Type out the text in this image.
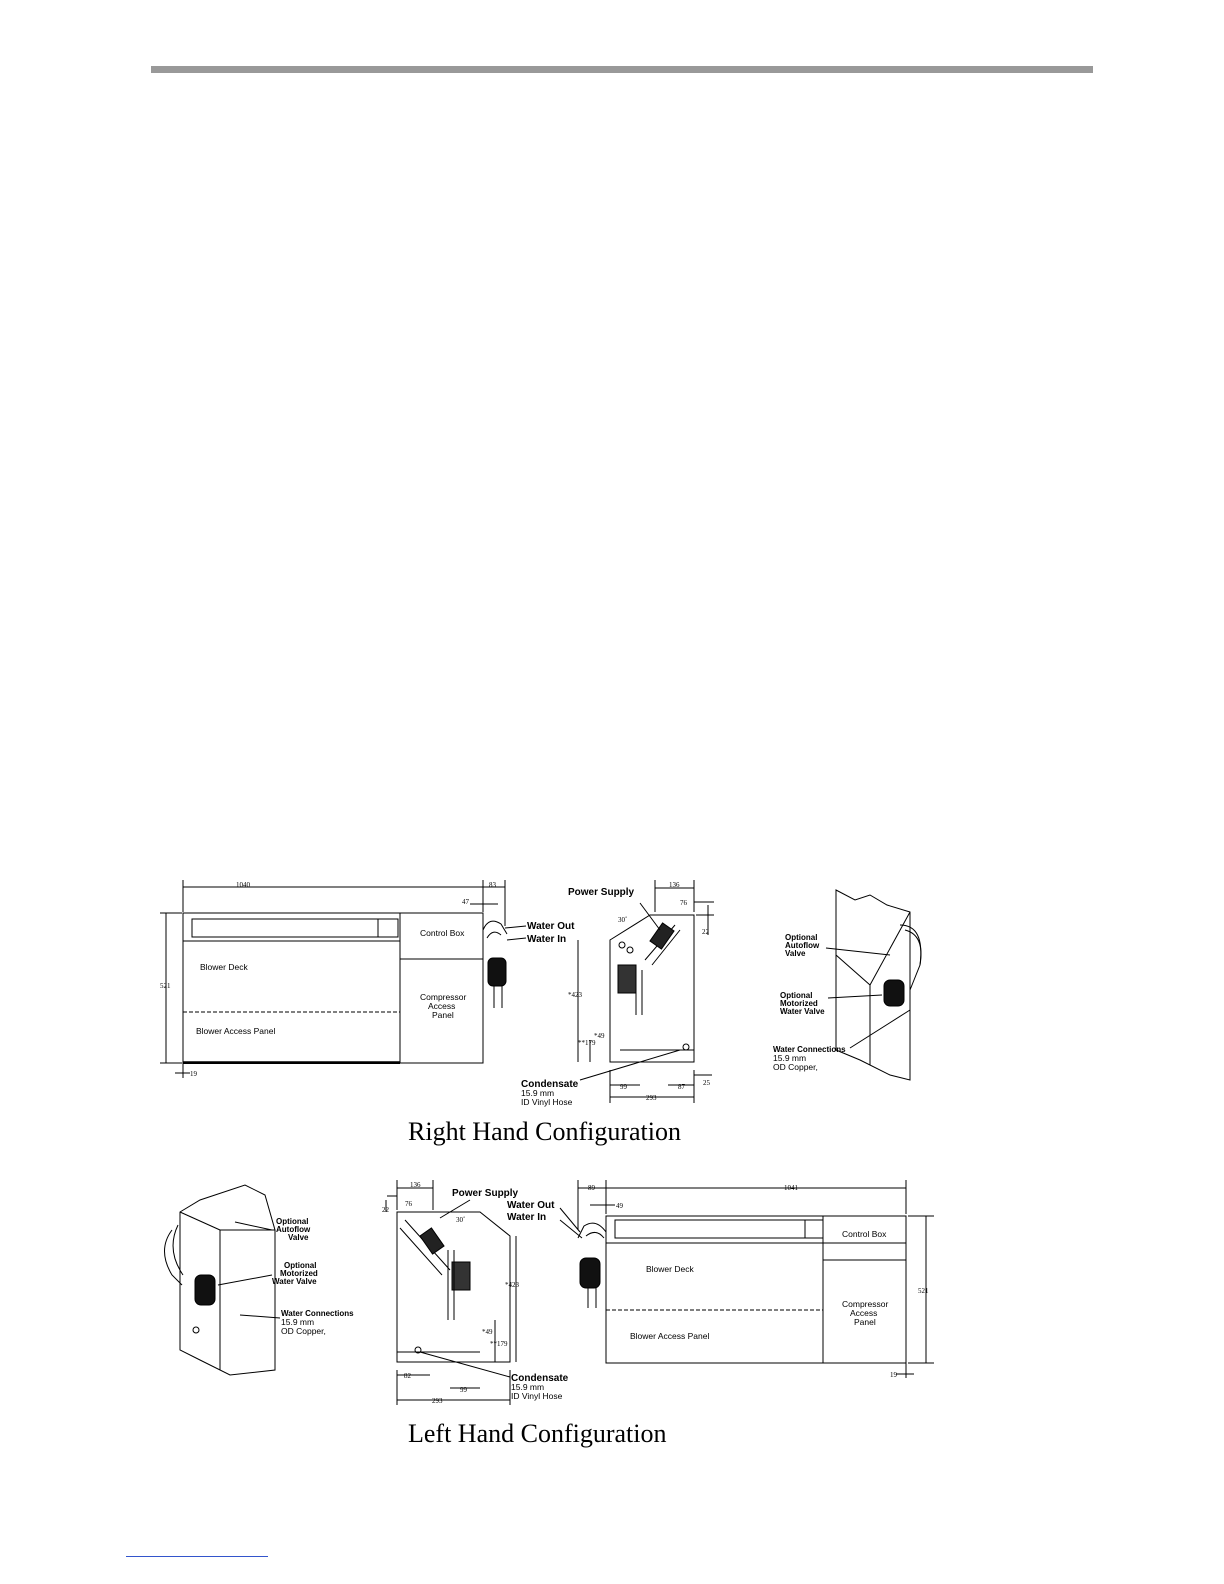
1040	83
47
521
19
Control Box
Blower Deck
Blower Access Panel
Compressor
Access
Panel
Water Out
Water In
Power Supply
136
76
22
30˚
*423
*49
**179
99	87	25
293
Condensate
15.9 mm
ID Vinyl Hose
Optional
Autoflow
Valve
Optional
Motorized
Water Valve
Water Connections
15.9 mm
OD Copper,
Optional
Autoflow
Valve
Optional
Motorized
Water Valve
Water Connections
15.9 mm
OD Copper,
Power Supply
136
76
22
30˚
*423
*49
**179
82
99
293
Condensate
15.9 mm
ID Vinyl Hose
89
49
1041
521
19
Control Box
Blower Deck
Blower Access Panel
Compressor
Access
Panel
Water Out
Water In
Right Hand Configuration
Left Hand Configuration
